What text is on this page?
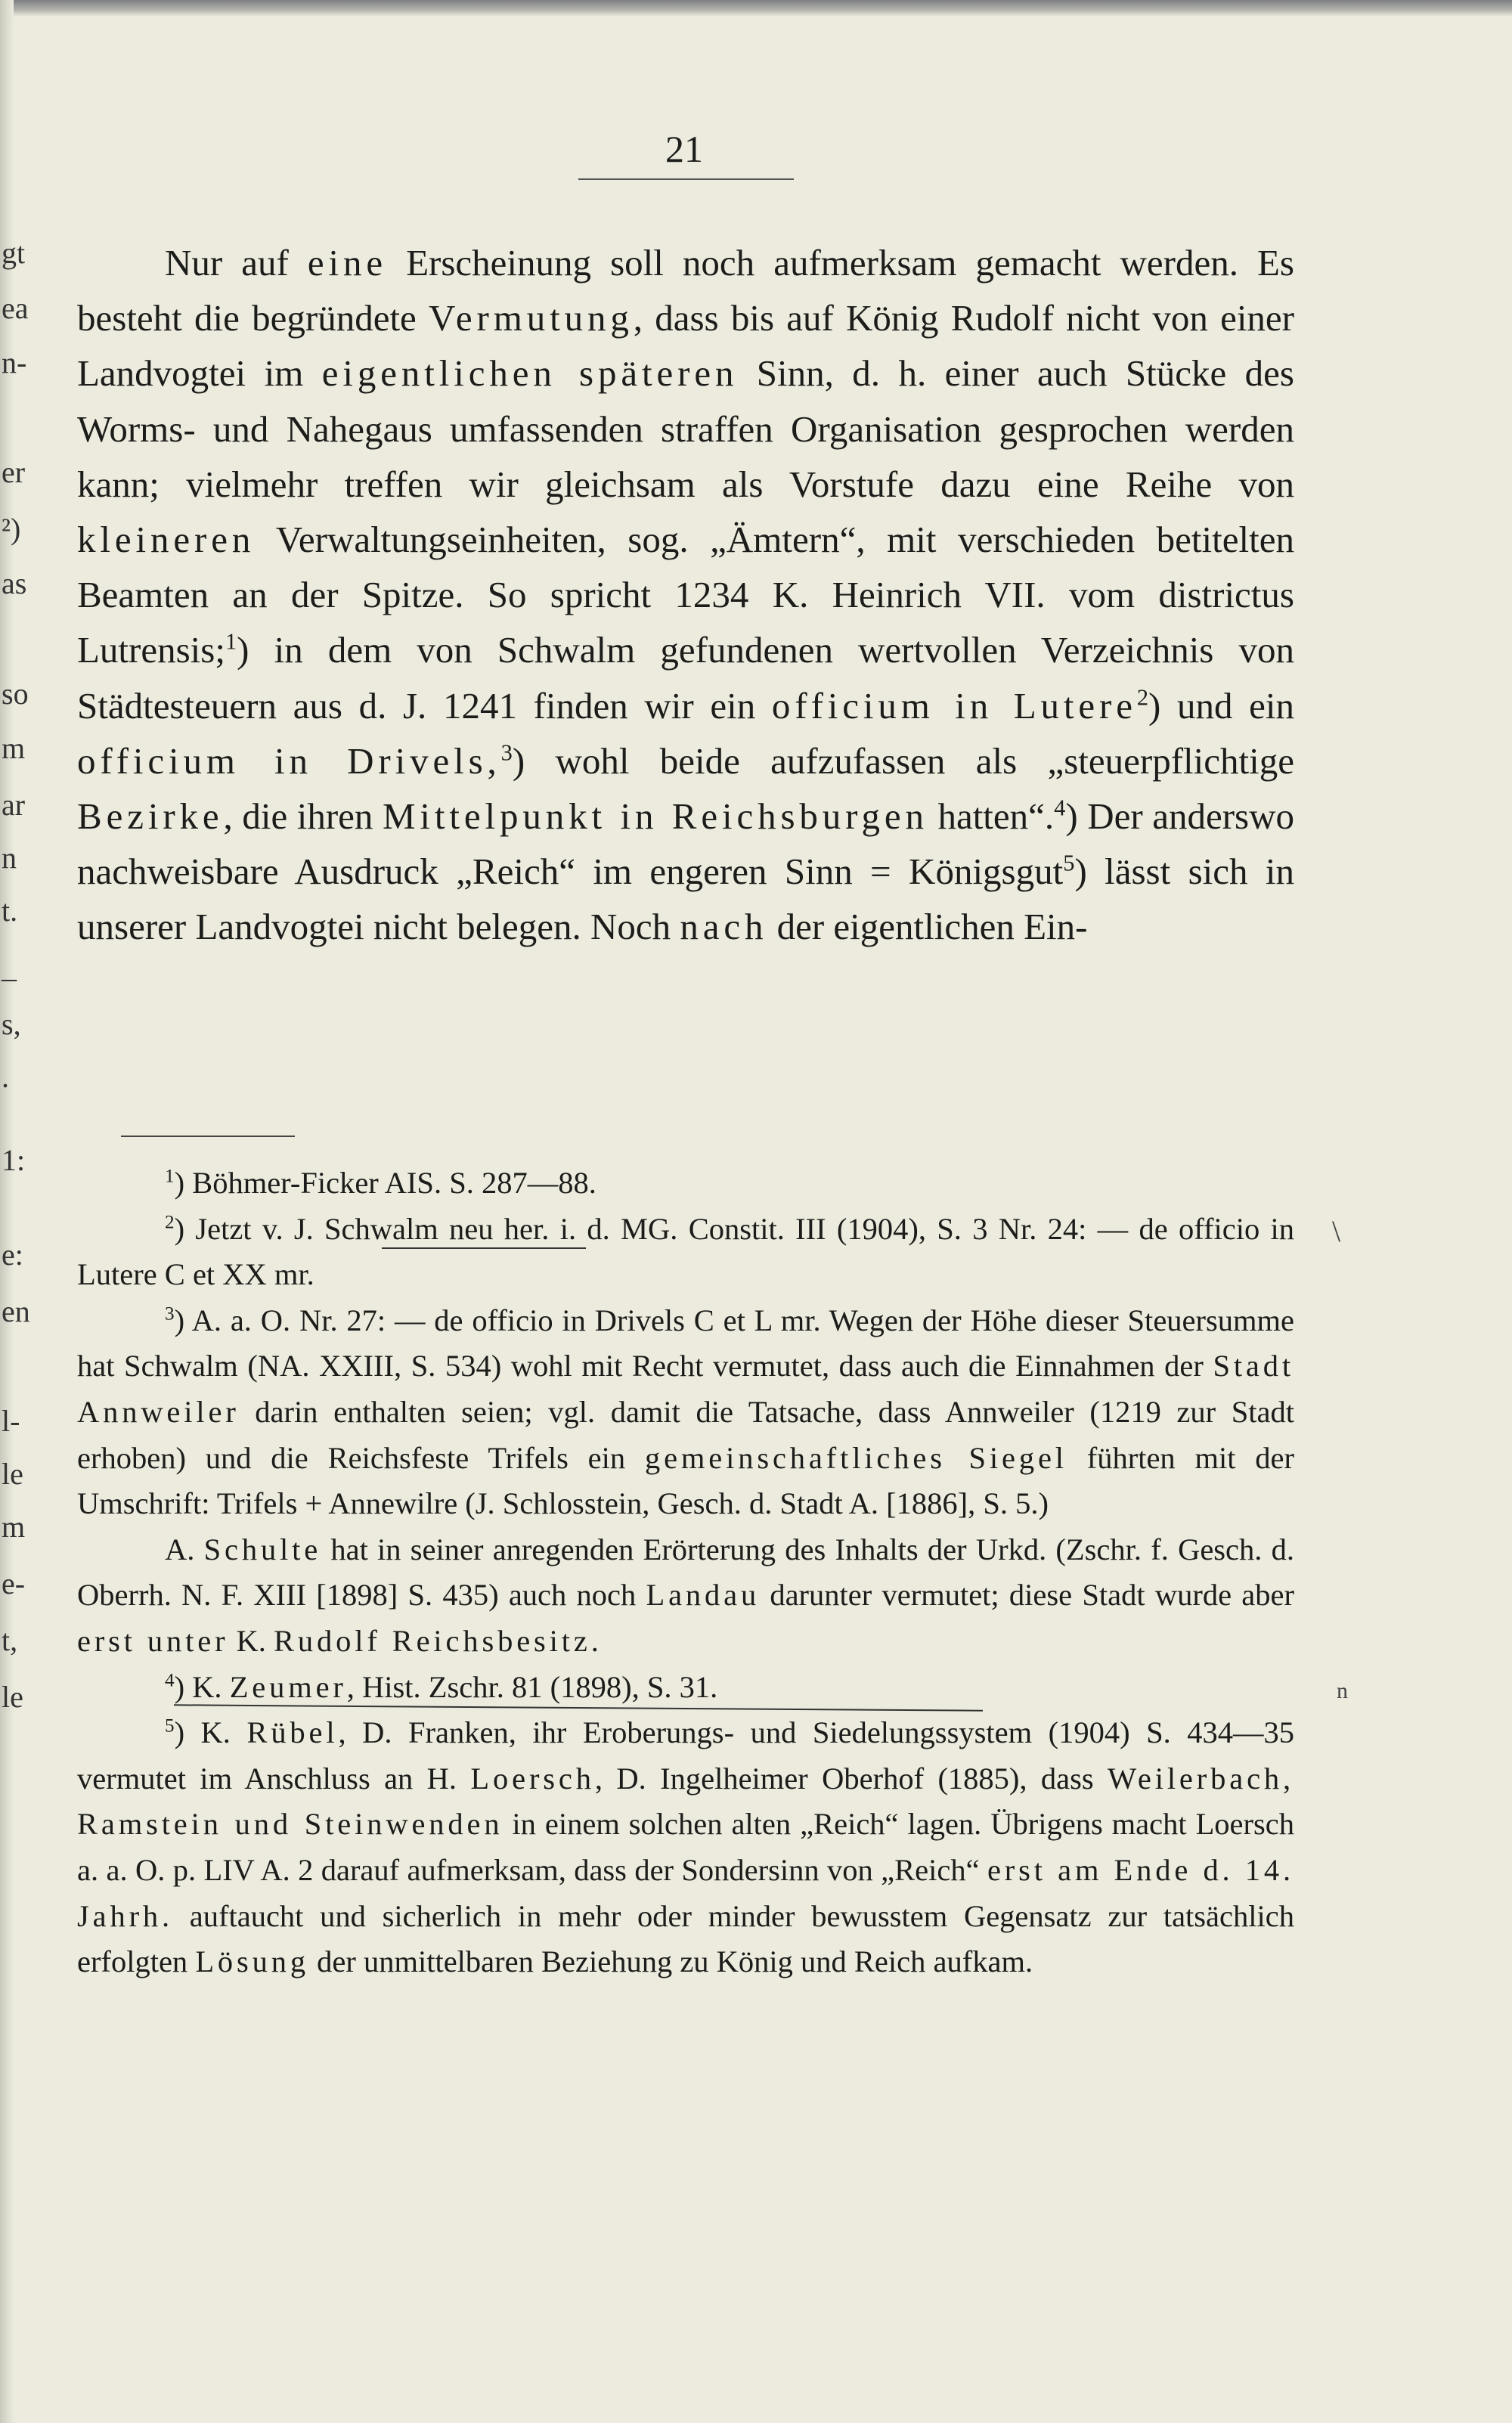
gt
ea
n-
er
²)
as
so
m
ar
n
t.
_
s,
.
1:
e:
en
l-
le
m
e-
t,
le
21

Nur auf eine Erscheinung soll noch aufmerksam gemacht werden. Es besteht die begründete Vermutung, dass bis auf König Rudolf nicht von einer Landvogtei im eigentlichen späteren Sinn, d. h. einer auch Stücke des Worms- und Nahegaus umfassenden straffen Organisation gesprochen werden kann; vielmehr treffen wir gleichsam als Vorstufe dazu eine Reihe von kleineren Verwaltungseinheiten, sog. „Ämtern“, mit verschieden betitelten Beamten an der Spitze. So spricht 1234 K. Heinrich VII. vom districtus Lutrensis;$^1$) in dem von Schwalm gefundenen wertvollen Verzeichnis von Städtesteuern aus d. J. 1241 finden wir ein officium in Lutere$^2$) und ein officium in Drivels,$^3$) wohl beide aufzufassen als „steuerpflichtige Bezirke, die ihren Mittelpunkt in Reichsburgen hatten“.$^4$) Der anderswo nachweisbare Ausdruck „Reich“ im engeren Sinn = Königsgut$^5$) lässt sich in unserer Landvogtei nicht belegen. Noch nach der eigentlichen Ein-

$^1$) Böhmer-Ficker AIS. S. 287—88.

$^2$) Jetzt v. J. Schwalm neu her. i. d. MG. Constit. III (1904), S. 3 Nr. 24: — de officio in Lutere C et XX mr.

$^3$) A. a. O. Nr. 27: — de officio in Drivels C et L mr. Wegen der Höhe dieser Steuersumme hat Schwalm (NA. XXIII, S. 534) wohl mit Recht vermutet, dass auch die Einnahmen der Stadt Annweiler darin enthalten seien; vgl. damit die Tatsache, dass Annweiler (1219 zur Stadt erhoben) und die Reichsfeste Trifels ein gemeinschaftliches Siegel führten mit der Umschrift: Trifels + Annewilre (J. Schlosstein, Gesch. d. Stadt A. [1886], S. 5.)

A. Schulte hat in seiner anregenden Erörterung des Inhalts der Urkd. (Zschr. f. Gesch. d. Oberrh. N. F. XIII [1898] S. 435) auch noch Landau darunter vermutet; diese Stadt wurde aber erst unter K. Rudolf Reichsbesitz.

$^4$) K. Zeumer, Hist. Zschr. 81 (1898), S. 31.

$^5$) K. Rübel, D. Franken, ihr Eroberungs- und Siedelungssystem (1904) S. 434—35 vermutet im Anschluss an H. Loersch, D. Ingelheimer Oberhof (1885), dass Weilerbach, Ramstein und Steinwenden in einem solchen alten „Reich“ lagen. Übrigens macht Loersch a. a. O. p. LIV A. 2 darauf aufmerksam, dass der Sondersinn von „Reich“ erst am Ende d. 14. Jahrh. auftaucht und sicherlich in mehr oder minder bewusstem Gegensatz zur tatsächlich erfolgten Lösung der unmittelbaren Beziehung zu König und Reich aufkam.

\
n
